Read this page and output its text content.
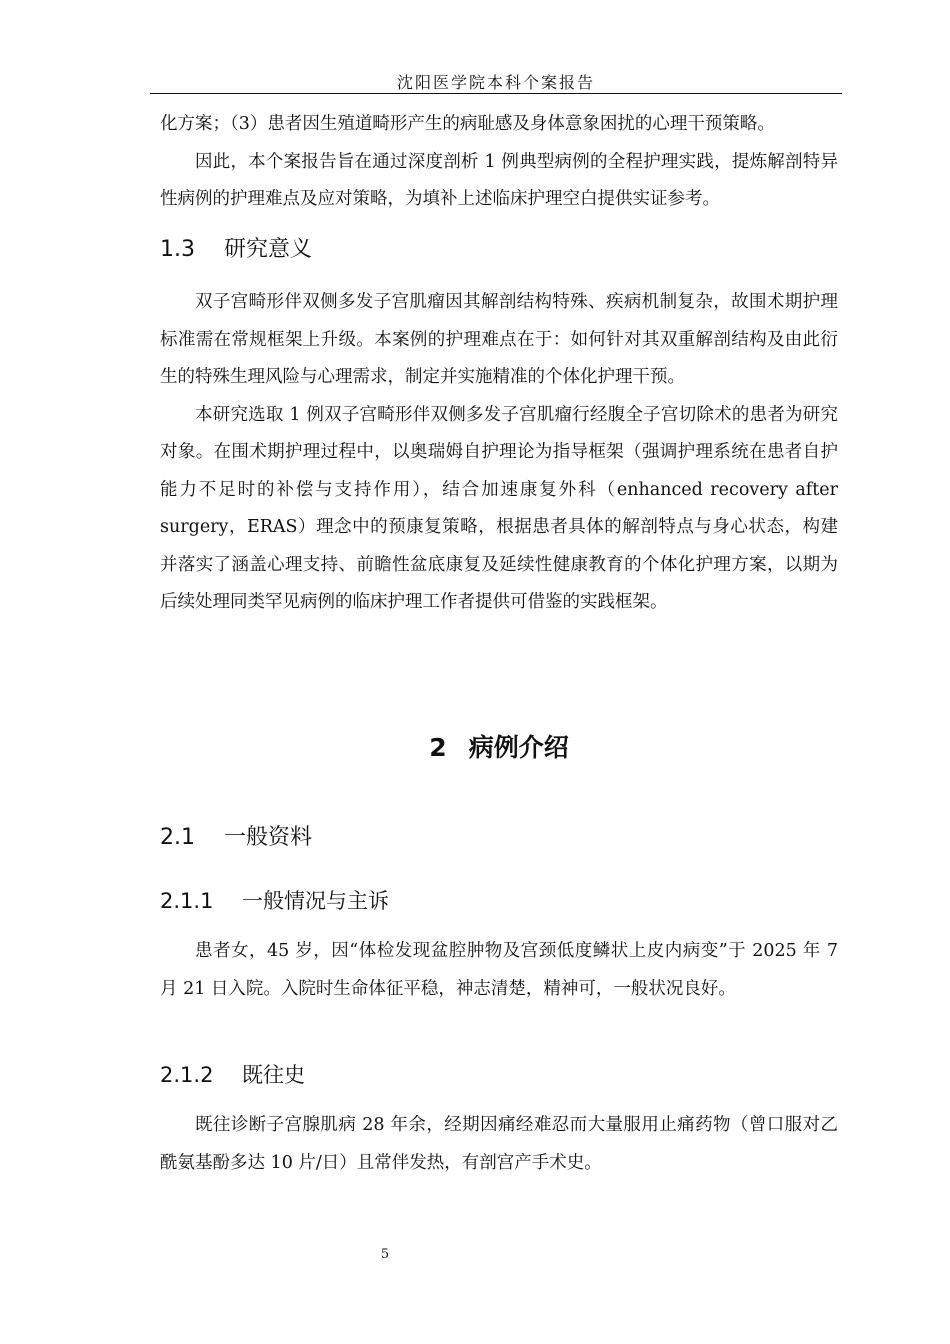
沈阳医学院本科个案报告

化方案；（3）患者因生殖道畸形产生的病耻感及身体意象困扰的心理干预策略。

因此，本个案报告旨在通过深度剖析 1 例典型病例的全程护理实践，提炼解剖特异性病例的护理难点及应对策略，为填补上述临床护理空白提供实证参考。

1.3 研究意义

双子宫畸形伴双侧多发子宫肌瘤因其解剖结构特殊、疾病机制复杂，故围术期护理标准需在常规框架上升级。本案例的护理难点在于：如何针对其双重解剖结构及由此衍生的特殊生理风险与心理需求，制定并实施精准的个体化护理干预。

本研究选取 1 例双子宫畸形伴双侧多发子宫肌瘤行经腹全子宫切除术的患者为研究对象。在围术期护理过程中，以奥瑞姆自护理论为指导框架（强调护理系统在患者自护能力不足时的补偿与支持作用），结合加速康复外科（enhanced recovery after surgery，ERAS）理念中的预康复策略，根据患者具体的解剖特点与身心状态，构建并落实了涵盖心理支持、前瞻性盆底康复及延续性健康教育的个体化护理方案，以期为后续处理同类罕见病例的临床护理工作者提供可借鉴的实践框架。

2 病例介绍
2.1 一般资料
2.1.1 一般情况与主诉

患者女，45 岁，因“体检发现盆腔肿物及宫颈低度鳞状上皮内病变”于 2025 年 7 月 21 日入院。入院时生命体征平稳，神志清楚，精神可，一般状况良好。

2.1.2 既往史

既往诊断子宫腺肌病 28 年余，经期因痛经难忍而大量服用止痛药物（曾口服对乙酰氨基酚多达 10 片/日）且常伴发热，有剖宫产手术史。

5
